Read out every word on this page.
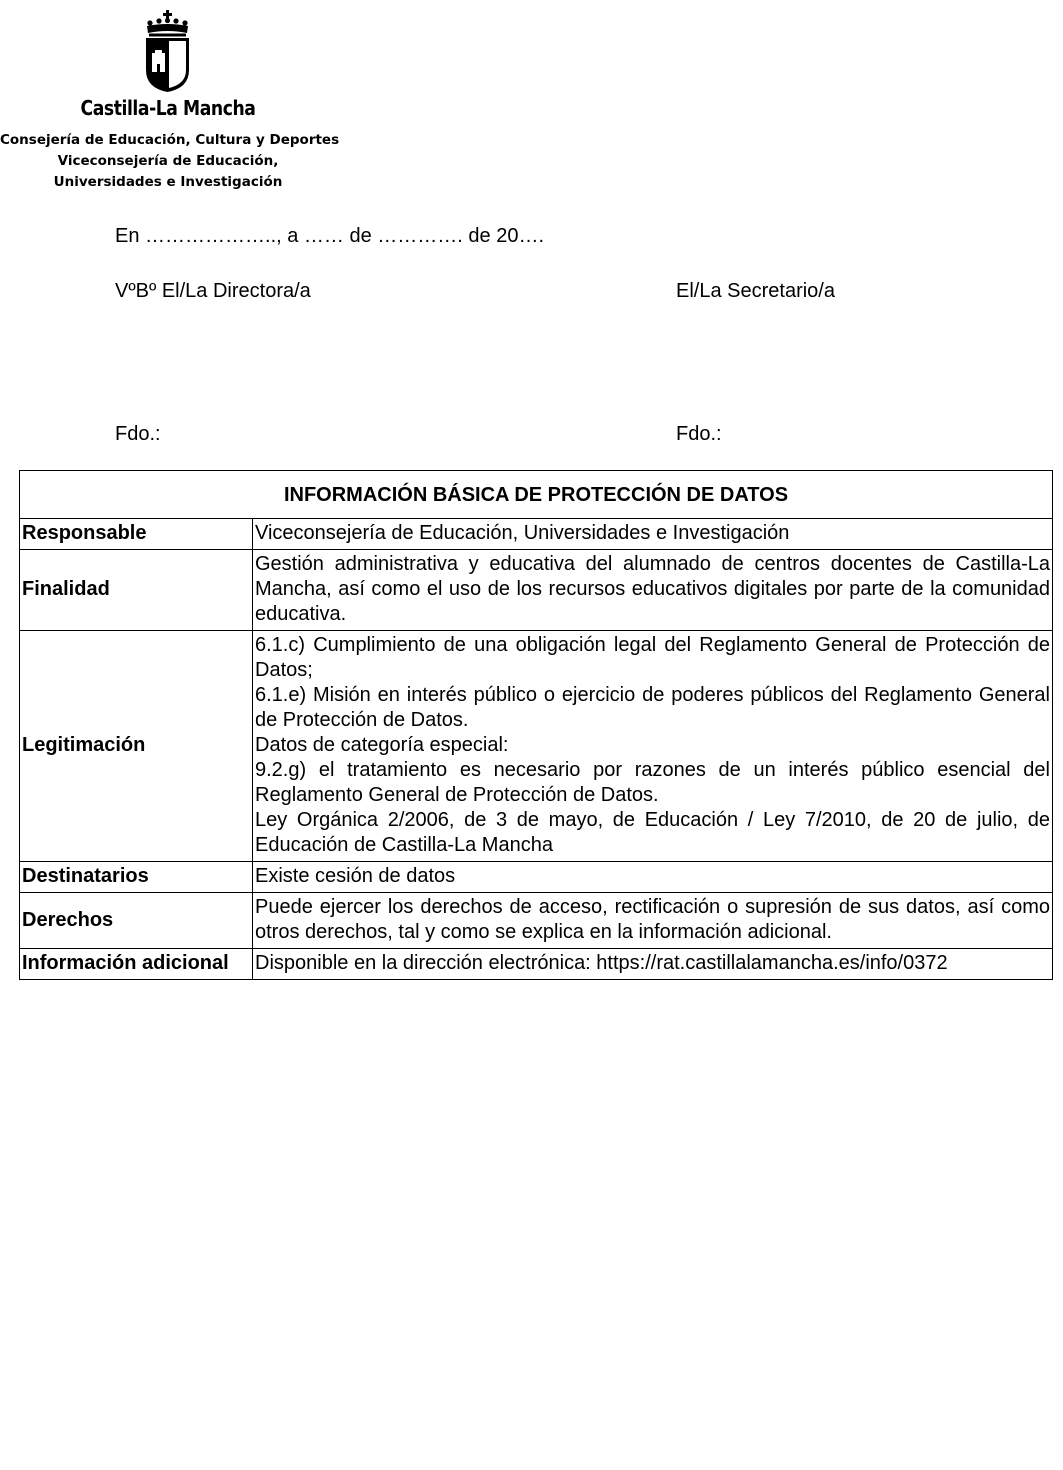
Castilla-La Mancha
Consejería de Educación, Cultura y Deportes
Viceconsejería de Educación,
Universidades e Investigación
En ……………….., a …… de …………. de 20….
VºBº El/La Directora/a	El/La Secretario/a
Fdo.:	Fdo.:
INFORMACIÓN BÁSICA DE PROTECCIÓN DE DATOS	
Responsable	Viceconsejería de Educación, Universidades e Investigación

Finalidad	Gestión administrativa y educativa del alumnado de centros docentes de Castilla-La Mancha, así como el uso de los recursos educativos digitales por parte de la comunidad educativa.

Legitimación	6.1.c) Cumplimiento de una obligación legal del Reglamento General de Protección de Datos;
6.1.e) Misión en interés público o ejercicio de poderes públicos del Reglamento General de Protección de Datos.
Datos de categoría especial:
9.2.g) el tratamiento es necesario por razones de un interés público esencial del Reglamento General de Protección de Datos.
Ley Orgánica 2/2006, de 3 de mayo, de Educación / Ley 7/2010, de 20 de julio, de Educación de Castilla-La Mancha

Destinatarios	Existe cesión de datos

Derechos	Puede ejercer los derechos de acceso, rectificación o supresión de sus datos, así como otros derechos, tal y como se explica en la información adicional.

Información adicional	Disponible en la dirección electrónica: https://rat.castillalamancha.es/info/0372
